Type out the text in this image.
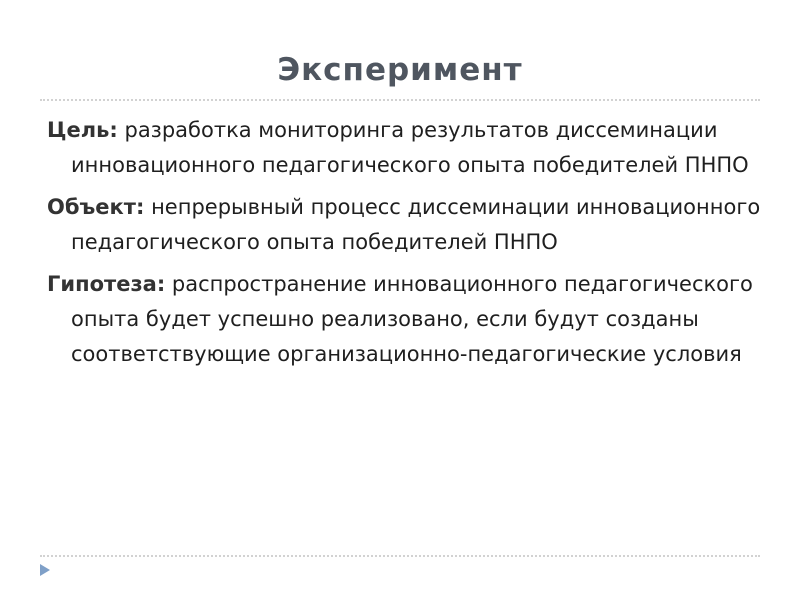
Эксперимент

Цель: разработка мониторинга результатов диссеминации инновационного педагогического опыта победителей ПНПО

Объект: непрерывный процесс диссеминации инновационного педагогического опыта победителей ПНПО

Гипотеза: распространение инновационного педагогического опыта будет успешно реализовано, если будут созданы соответствующие организационно-педагогические условия
